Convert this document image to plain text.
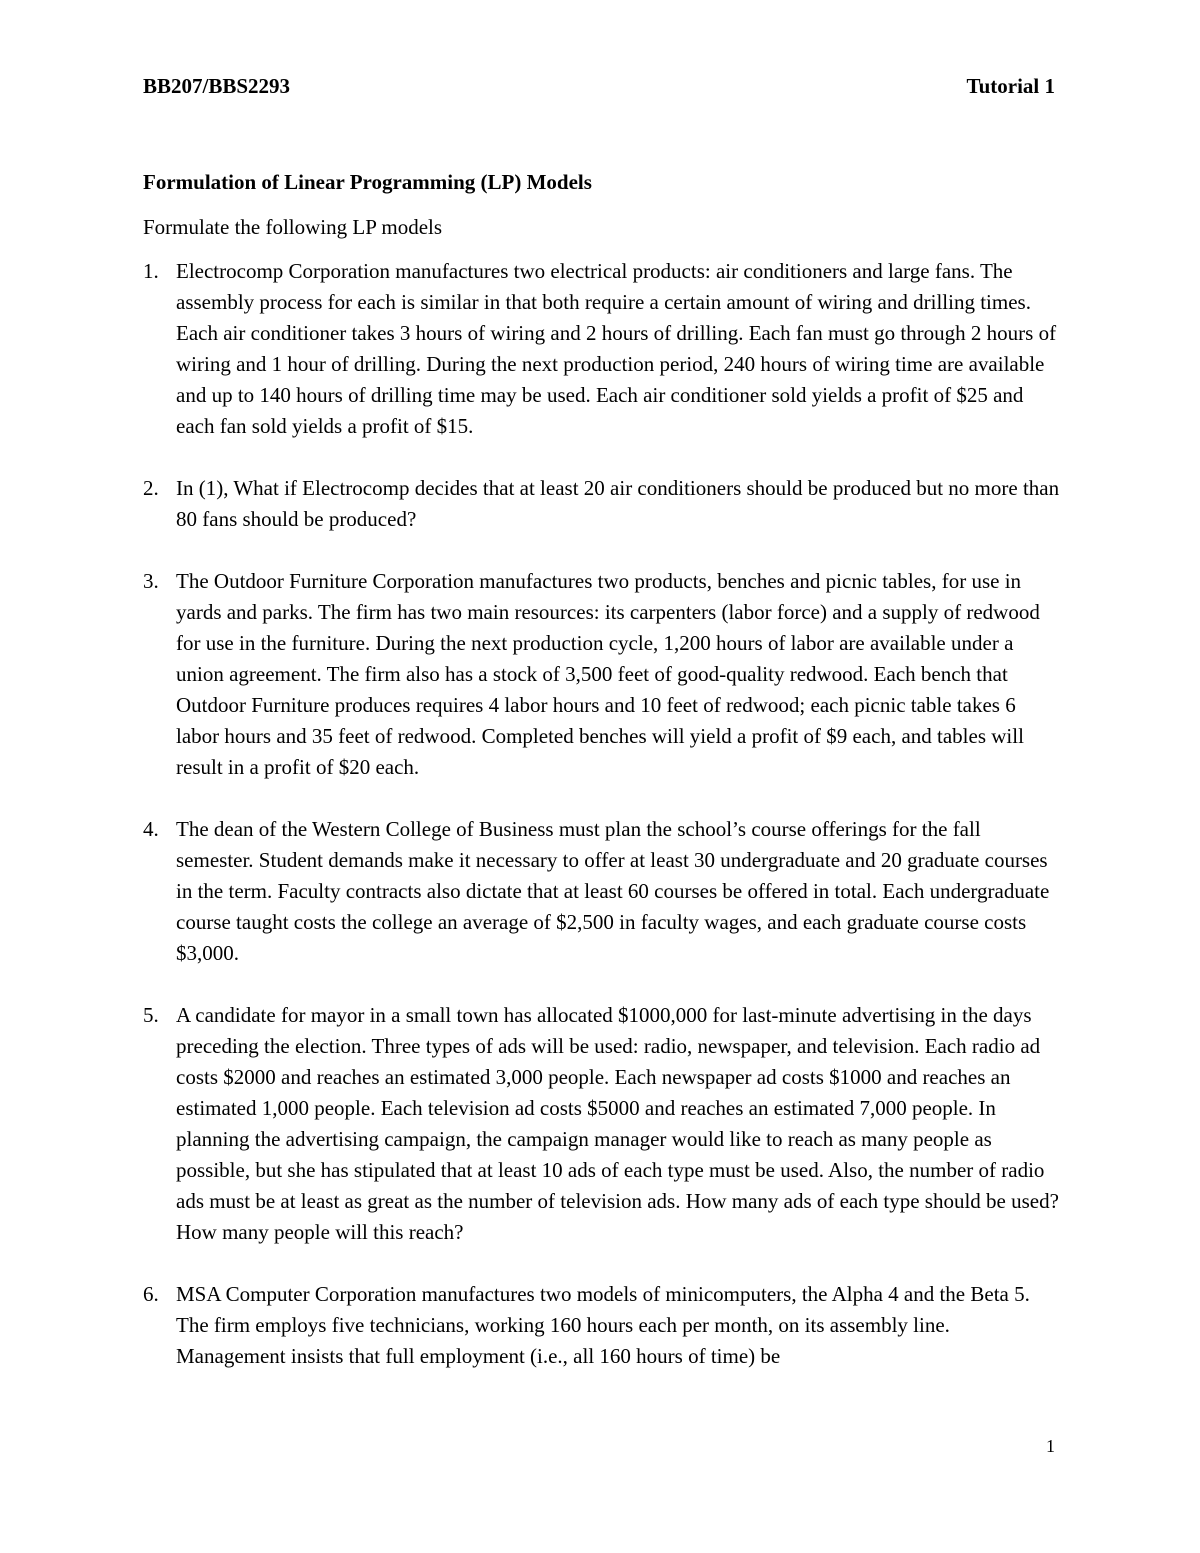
BB207/BBS2293	Tutorial 1
Formulation of Linear Programming (LP) Models
Formulate the following LP models
1. Electrocomp Corporation manufactures two electrical products: air conditioners and large fans. The assembly process for each is similar in that both require a certain amount of wiring and drilling times. Each air conditioner takes 3 hours of wiring and 2 hours of drilling. Each fan must go through 2 hours of wiring and 1 hour of drilling. During the next production period, 240 hours of wiring time are available and up to 140 hours of drilling time may be used. Each air conditioner sold yields a profit of $25 and each fan sold yields a profit of $15.
2. In (1), What if Electrocomp decides that at least 20 air conditioners should be produced but no more than 80 fans should be produced?
3. The Outdoor Furniture Corporation manufactures two products, benches and picnic tables, for use in yards and parks. The firm has two main resources: its carpenters (labor force) and a supply of redwood for use in the furniture. During the next production cycle, 1,200 hours of labor are available under a union agreement. The firm also has a stock of 3,500 feet of good-quality redwood. Each bench that Outdoor Furniture produces requires 4 labor hours and 10 feet of redwood; each picnic table takes 6 labor hours and 35 feet of redwood. Completed benches will yield a profit of $9 each, and tables will result in a profit of $20 each.
4. The dean of the Western College of Business must plan the school’s course offerings for the fall semester. Student demands make it necessary to offer at least 30 undergraduate and 20 graduate courses in the term. Faculty contracts also dictate that at least 60 courses be offered in total. Each undergraduate course taught costs the college an average of $2,500 in faculty wages, and each graduate course costs $3,000.
5. A candidate for mayor in a small town has allocated $1000,000 for last-minute advertising in the days preceding the election. Three types of ads will be used: radio, newspaper, and television. Each radio ad costs $2000 and reaches an estimated 3,000 people. Each newspaper ad costs $1000 and reaches an estimated 1,000 people. Each television ad costs $5000 and reaches an estimated 7,000 people. In planning the advertising campaign, the campaign manager would like to reach as many people as possible, but she has stipulated that at least 10 ads of each type must be used. Also, the number of radio ads must be at least as great as the number of television ads. How many ads of each type should be used? How many people will this reach?
6. MSA Computer Corporation manufactures two models of minicomputers, the Alpha 4 and the Beta 5. The firm employs five technicians, working 160 hours each per month, on its assembly line. Management insists that full employment (i.e., all 160 hours of time) be
1
